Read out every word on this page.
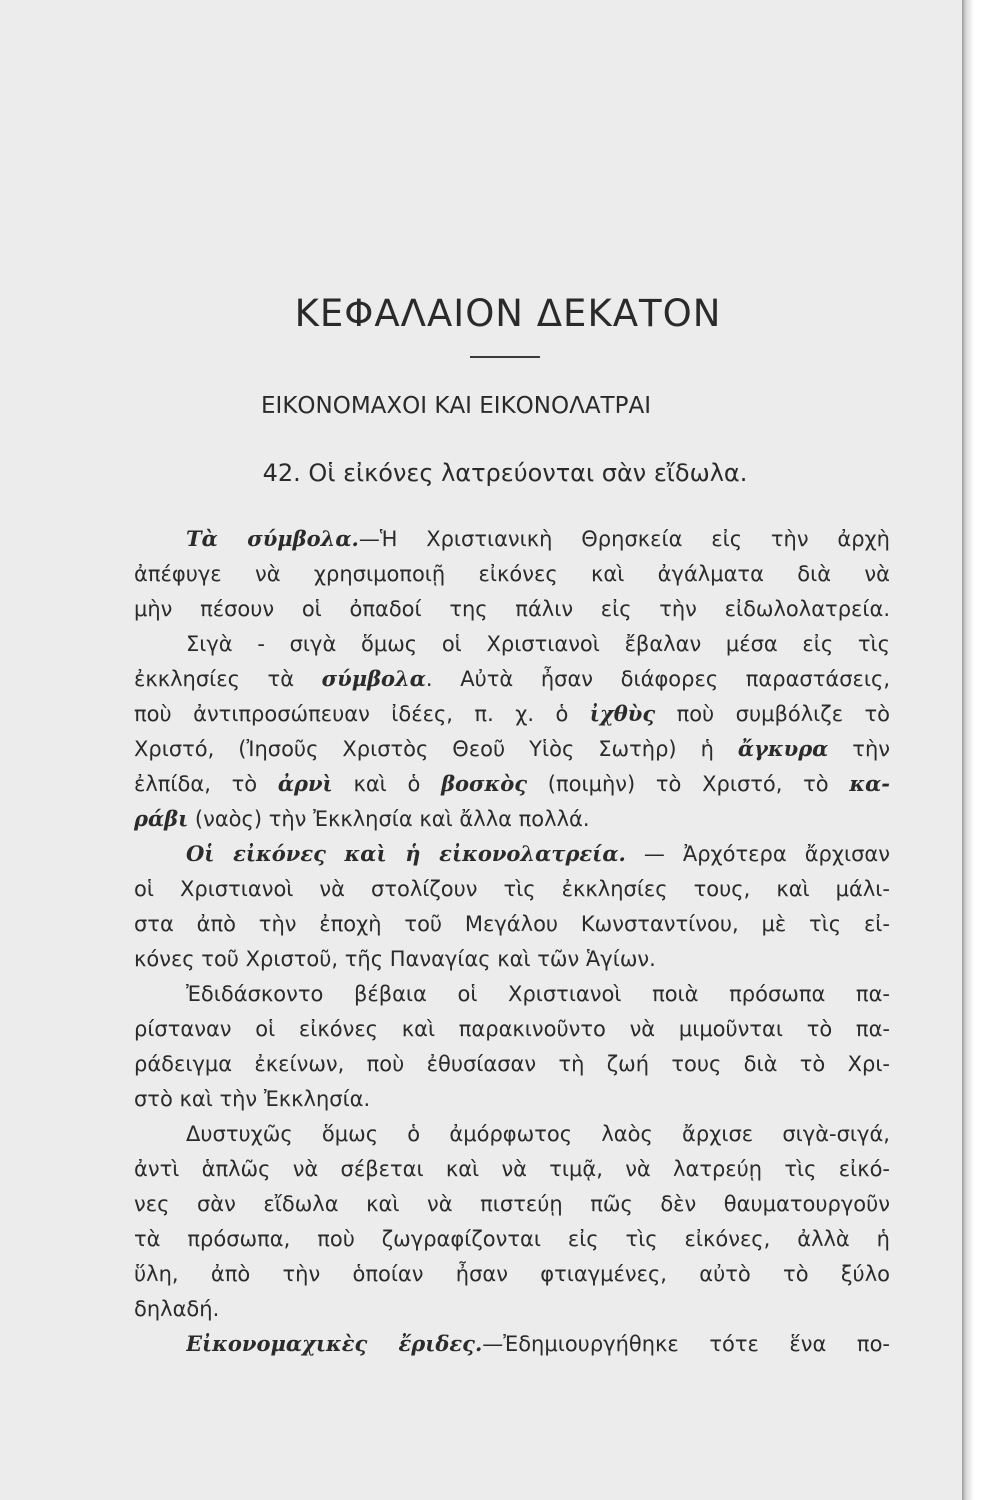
ΚΕΦΑΛΑΙΟΝ ΔΕΚΑΤΟΝ
ΕΙΚΟΝΟΜΑΧΟΙ ΚΑΙ ΕΙΚΟΝΟΛΑΤΡΑΙ
42. Οἱ εἰκόνες λατρεύονται σὰν εἴδωλα.
Τὰ σύμβολα.—Ἡ Χριστιανικὴ Θρησκεία εἰς τὴν ἀρχὴ
ἀπέφυγε νὰ χρησιμοποιῇ εἰκόνες καὶ ἀγάλματα διὰ νὰ
μὴν πέσουν οἱ ὀπαδοί της πάλιν εἰς τὴν εἰδωλολατρεία.
Σιγὰ - σιγὰ ὅμως οἱ Χριστιανοὶ ἔβαλαν μέσα εἰς τὶς
ἐκκλησίες τὰ σύμβολα. Αὐτὰ ἦσαν διάφορες παραστάσεις,
ποὺ ἀντιπροσώπευαν ἰδέες, π. χ. ὁ ἰχθὺς ποὺ συμβόλιζε τὸ
Χριστό, (Ἰησοῦς Χριστὸς Θεοῦ Υἱὸς Σωτὴρ) ἡ ἄγκυρα τὴν
ἐλπίδα, τὸ ἀρνὶ καὶ ὁ βοσκὸς (ποιμὴν) τὸ Χριστό, τὸ κα-
ράβι (ναὸς) τὴν Ἐκκλησία καὶ ἄλλα πολλά.
Οἱ εἰκόνες καὶ ἡ εἰκονολατρεία. — Ἀρχότερα ἄρχισαν
οἱ Χριστιανοὶ νὰ στολίζουν τὶς ἐκκλησίες τους, καὶ μάλι-
στα ἀπὸ τὴν ἐποχὴ τοῦ Μεγάλου Κωνσταντίνου, μὲ τὶς εἰ-
κόνες τοῦ Χριστοῦ, τῆς Παναγίας καὶ τῶν Ἁγίων.
Ἐδιδάσκοντο βέβαια οἱ Χριστιανοὶ ποιὰ πρόσωπα πα-
ρίσταναν οἱ εἰκόνες καὶ παρακινοῦντο νὰ μιμοῦνται τὸ πα-
ράδειγμα ἐκείνων, ποὺ ἐθυσίασαν τὴ ζωή τους διὰ τὸ Χρι-
στὸ καὶ τὴν Ἐκκλησία.
Δυστυχῶς ὅμως ὁ ἀμόρφωτος λαὸς ἄρχισε σιγὰ-σιγά,
ἀντὶ ἁπλῶς νὰ σέβεται καὶ νὰ τιμᾷ, νὰ λατρεύῃ τὶς εἰκό-
νες σὰν εἴδωλα καὶ νὰ πιστεύῃ πῶς δὲν θαυματουργοῦν
τὰ πρόσωπα, ποὺ ζωγραφίζονται εἰς τὶς εἰκόνες, ἀλλὰ ἡ
ὕλη, ἀπὸ τὴν ὁποίαν ἦσαν φτιαγμένες, αὐτὸ τὸ ξύλο
δηλαδή.
Εἰκονομαχικὲς ἔριδες.—Ἐδημιουργήθηκε τότε ἕνα πο-
